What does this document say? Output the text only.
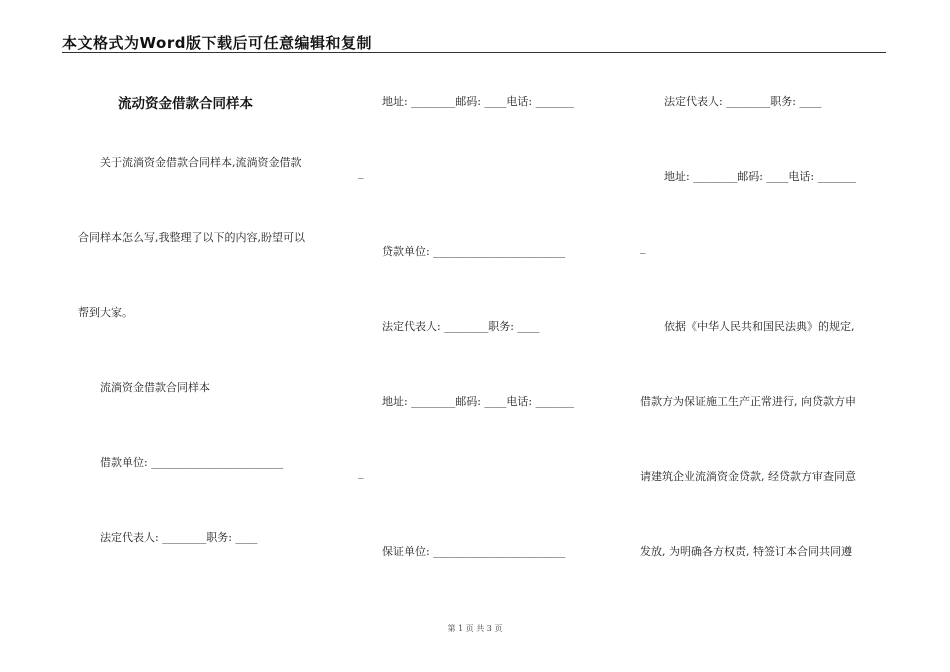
本文格式为Word版下载后可任意编辑和复制
流动资金借款合同样本
关于流淌资金借款合同样本,流淌资金借款
合同样本怎么写,我整理了以下的内容,盼望可以
帮到大家。
流淌资金借款合同样本
借款单位: ________________________
法定代表人: ________职务: ____
地址: ________邮码: ____电话: _______
_
贷款单位: ________________________
法定代表人: ________职务: ____
地址: ________邮码: ____电话: _______
_
保证单位: ________________________
法定代表人: ________职务: ____
地址: ________邮码: ____电话: _______
_
依据《中华人民共和国民法典》的规定,
借款方为保证施工生产正常进行, 向贷款方申
请建筑企业流淌资金贷款, 经贷款方审查同意
发放, 为明确各方权责, 特签订本合同共同遵
第 1 页 共 3 页
